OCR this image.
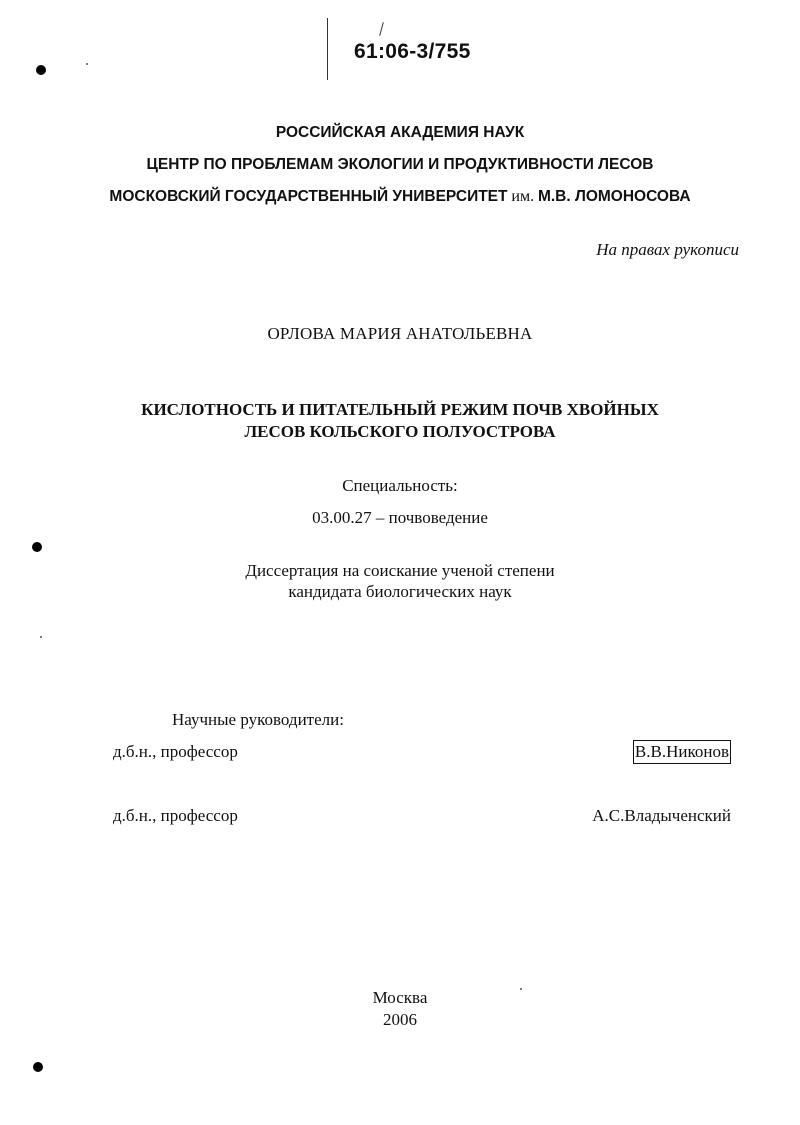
61:06-3/755
РОССИЙСКАЯ АКАДЕМИЯ НАУК
ЦЕНТР ПО ПРОБЛЕМАМ ЭКОЛОГИИ И ПРОДУКТИВНОСТИ ЛЕСОВ
МОСКОВСКИЙ ГОСУДАРСТВЕННЫЙ УНИВЕРСИТЕТ им. М.В. ЛОМОНОСОВА
На правах рукописи
ОРЛОВА МАРИЯ АНАТОЛЬЕВНА
КИСЛОТНОСТЬ И ПИТАТЕЛЬНЫЙ РЕЖИМ ПОЧВ ХВОЙНЫХ
ЛЕСОВ КОЛЬСКОГО ПОЛУОСТРОВА
Специальность:
03.00.27 – почвоведение
Диссертация на соискание ученой степени
кандидата биологических наук
Научные руководители:
д.б.н., профессор	В.В.Никонов
д.б.н., профессор	А.С.Владыченский
Москва
2006
